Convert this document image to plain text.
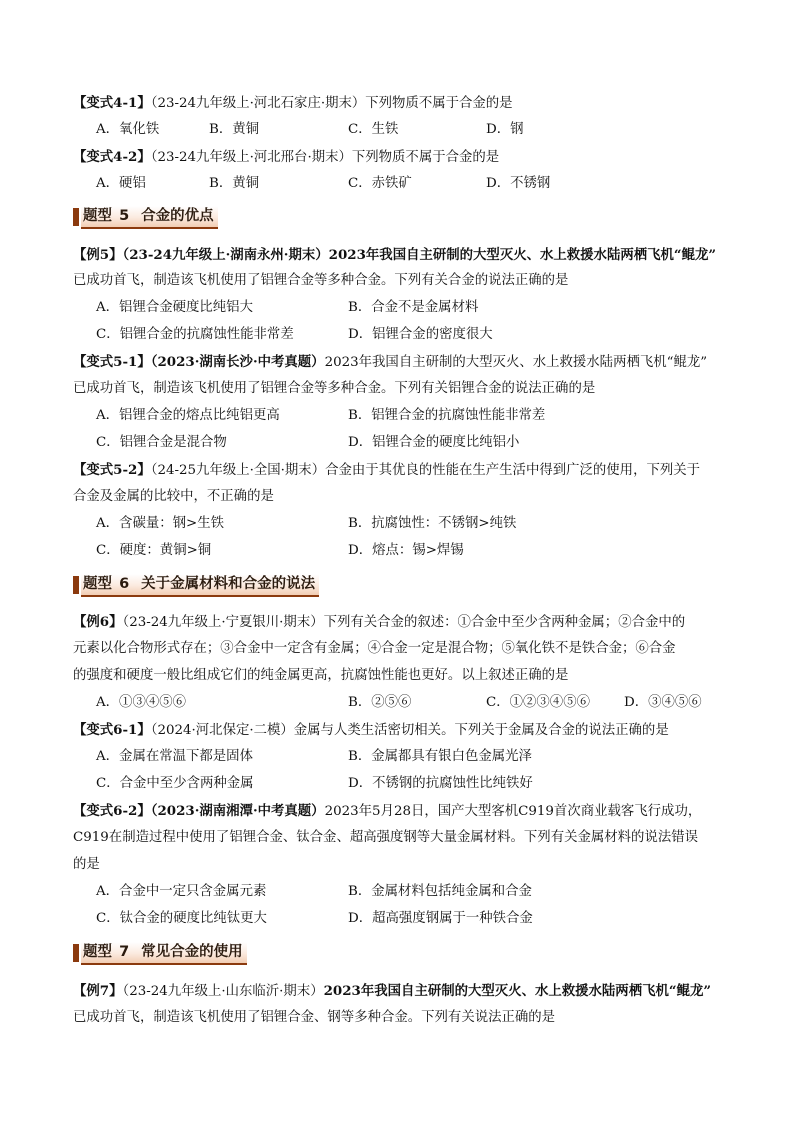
【变式4-1】（23-24九年级上·河北石家庄·期末）下列物质不属于合金的是
A．氧化铁	B．黄铜	C．生铁	D．钢
【变式4-2】（23-24九年级上·河北邢台·期末）下列物质不属于合金的是
A．硬铝	B．黄铜	C．赤铁矿	D．不锈钢
题型 5 合金的优点
【例5】（23-24九年级上·湖南永州·期末）2023年我国自主研制的大型灭火、水上救援水陆两栖飞机“鲲龙”
已成功首飞，制造该飞机使用了铝锂合金等多种合金。下列有关合金的说法正确的是
A．铝锂合金硬度比纯铝大	B．合金不是金属材料
C．铝锂合金的抗腐蚀性能非常差	D．铝锂合金的密度很大
【变式5-1】（2023·湖南长沙·中考真题）2023年我国自主研制的大型灭火、水上救援水陆两栖飞机“鲲龙”
已成功首飞，制造该飞机使用了铝锂合金等多种合金。下列有关铝锂合金的说法正确的是
A．铝锂合金的熔点比纯铝更高	B．铝锂合金的抗腐蚀性能非常差
C．铝锂合金是混合物	D．铝锂合金的硬度比纯铝小
【变式5-2】（24-25九年级上·全国·期末）合金由于其优良的性能在生产生活中得到广泛的使用，下列关于
合金及金属的比较中，不正确的是
A．含碳量：钢>生铁	B．抗腐蚀性：不锈钢>纯铁
C．硬度：黄铜>铜	D．熔点：锡>焊锡
题型 6 关于金属材料和合金的说法
【例6】（23-24九年级上·宁夏银川·期末）下列有关合金的叙述：①合金中至少含两种金属；②合金中的
元素以化合物形式存在；③合金中一定含有金属；④合金一定是混合物；⑤氧化铁不是铁合金；⑥合金
的强度和硬度一般比组成它们的纯金属更高，抗腐蚀性能也更好。以上叙述正确的是
A．①③④⑤⑥	B．②⑤⑥	C．①②③④⑤⑥	D．③④⑤⑥
【变式6-1】（2024·河北保定·二模）金属与人类生活密切相关。下列关于金属及合金的说法正确的是
A．金属在常温下都是固体	B．金属都具有银白色金属光泽
C．合金中至少含两种金属	D．不锈钢的抗腐蚀性比纯铁好
【变式6-2】（2023·湖南湘潭·中考真题）2023年5月28日，国产大型客机C919首次商业载客飞行成功，
C919在制造过程中使用了铝锂合金、钛合金、超高强度钢等大量金属材料。下列有关金属材料的说法错误
的是
A．合金中一定只含金属元素	B．金属材料包括纯金属和合金
C．钛合金的硬度比纯钛更大	D．超高强度钢属于一种铁合金
题型 7 常见合金的使用
【例7】（23-24九年级上·山东临沂·期末）2023年我国自主研制的大型灭火、水上救援水陆两栖飞机“鲲龙”
已成功首飞，制造该飞机使用了铝锂合金、钢等多种合金。下列有关说法正确的是
